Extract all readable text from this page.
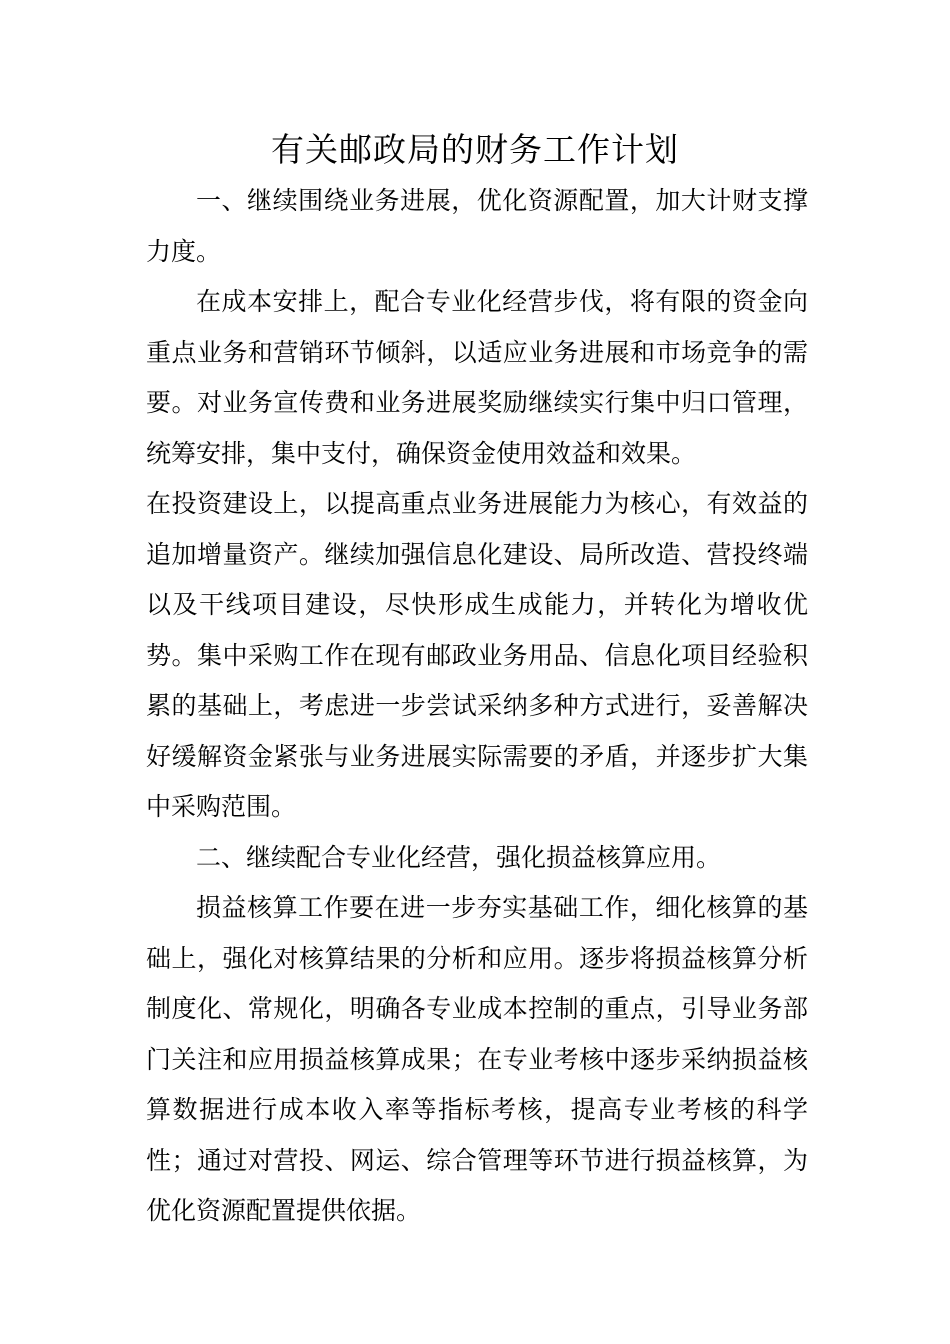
有关邮政局的财务工作计划

一、继续围绕业务进展，优化资源配置，加大计财支撑力度。

在成本安排上，配合专业化经营步伐，将有限的资金向重点业务和营销环节倾斜，以适应业务进展和市场竞争的需要。对业务宣传费和业务进展奖励继续实行集中归口管理，统筹安排，集中支付，确保资金使用效益和效果。

在投资建设上，以提高重点业务进展能力为核心，有效益的追加增量资产。继续加强信息化建设、局所改造、营投终端以及干线项目建设，尽快形成生成能力，并转化为增收优势。集中采购工作在现有邮政业务用品、信息化项目经验积累的基础上，考虑进一步尝试采纳多种方式进行，妥善解决好缓解资金紧张与业务进展实际需要的矛盾，并逐步扩大集中采购范围。

二、继续配合专业化经营，强化损益核算应用。

损益核算工作要在进一步夯实基础工作，细化核算的基础上，强化对核算结果的分析和应用。逐步将损益核算分析制度化、常规化，明确各专业成本控制的重点，引导业务部门关注和应用损益核算成果；在专业考核中逐步采纳损益核算数据进行成本收入率等指标考核，提高专业考核的科学性；通过对营投、网运、综合管理等环节进行损益核算，为优化资源配置提供依据。
